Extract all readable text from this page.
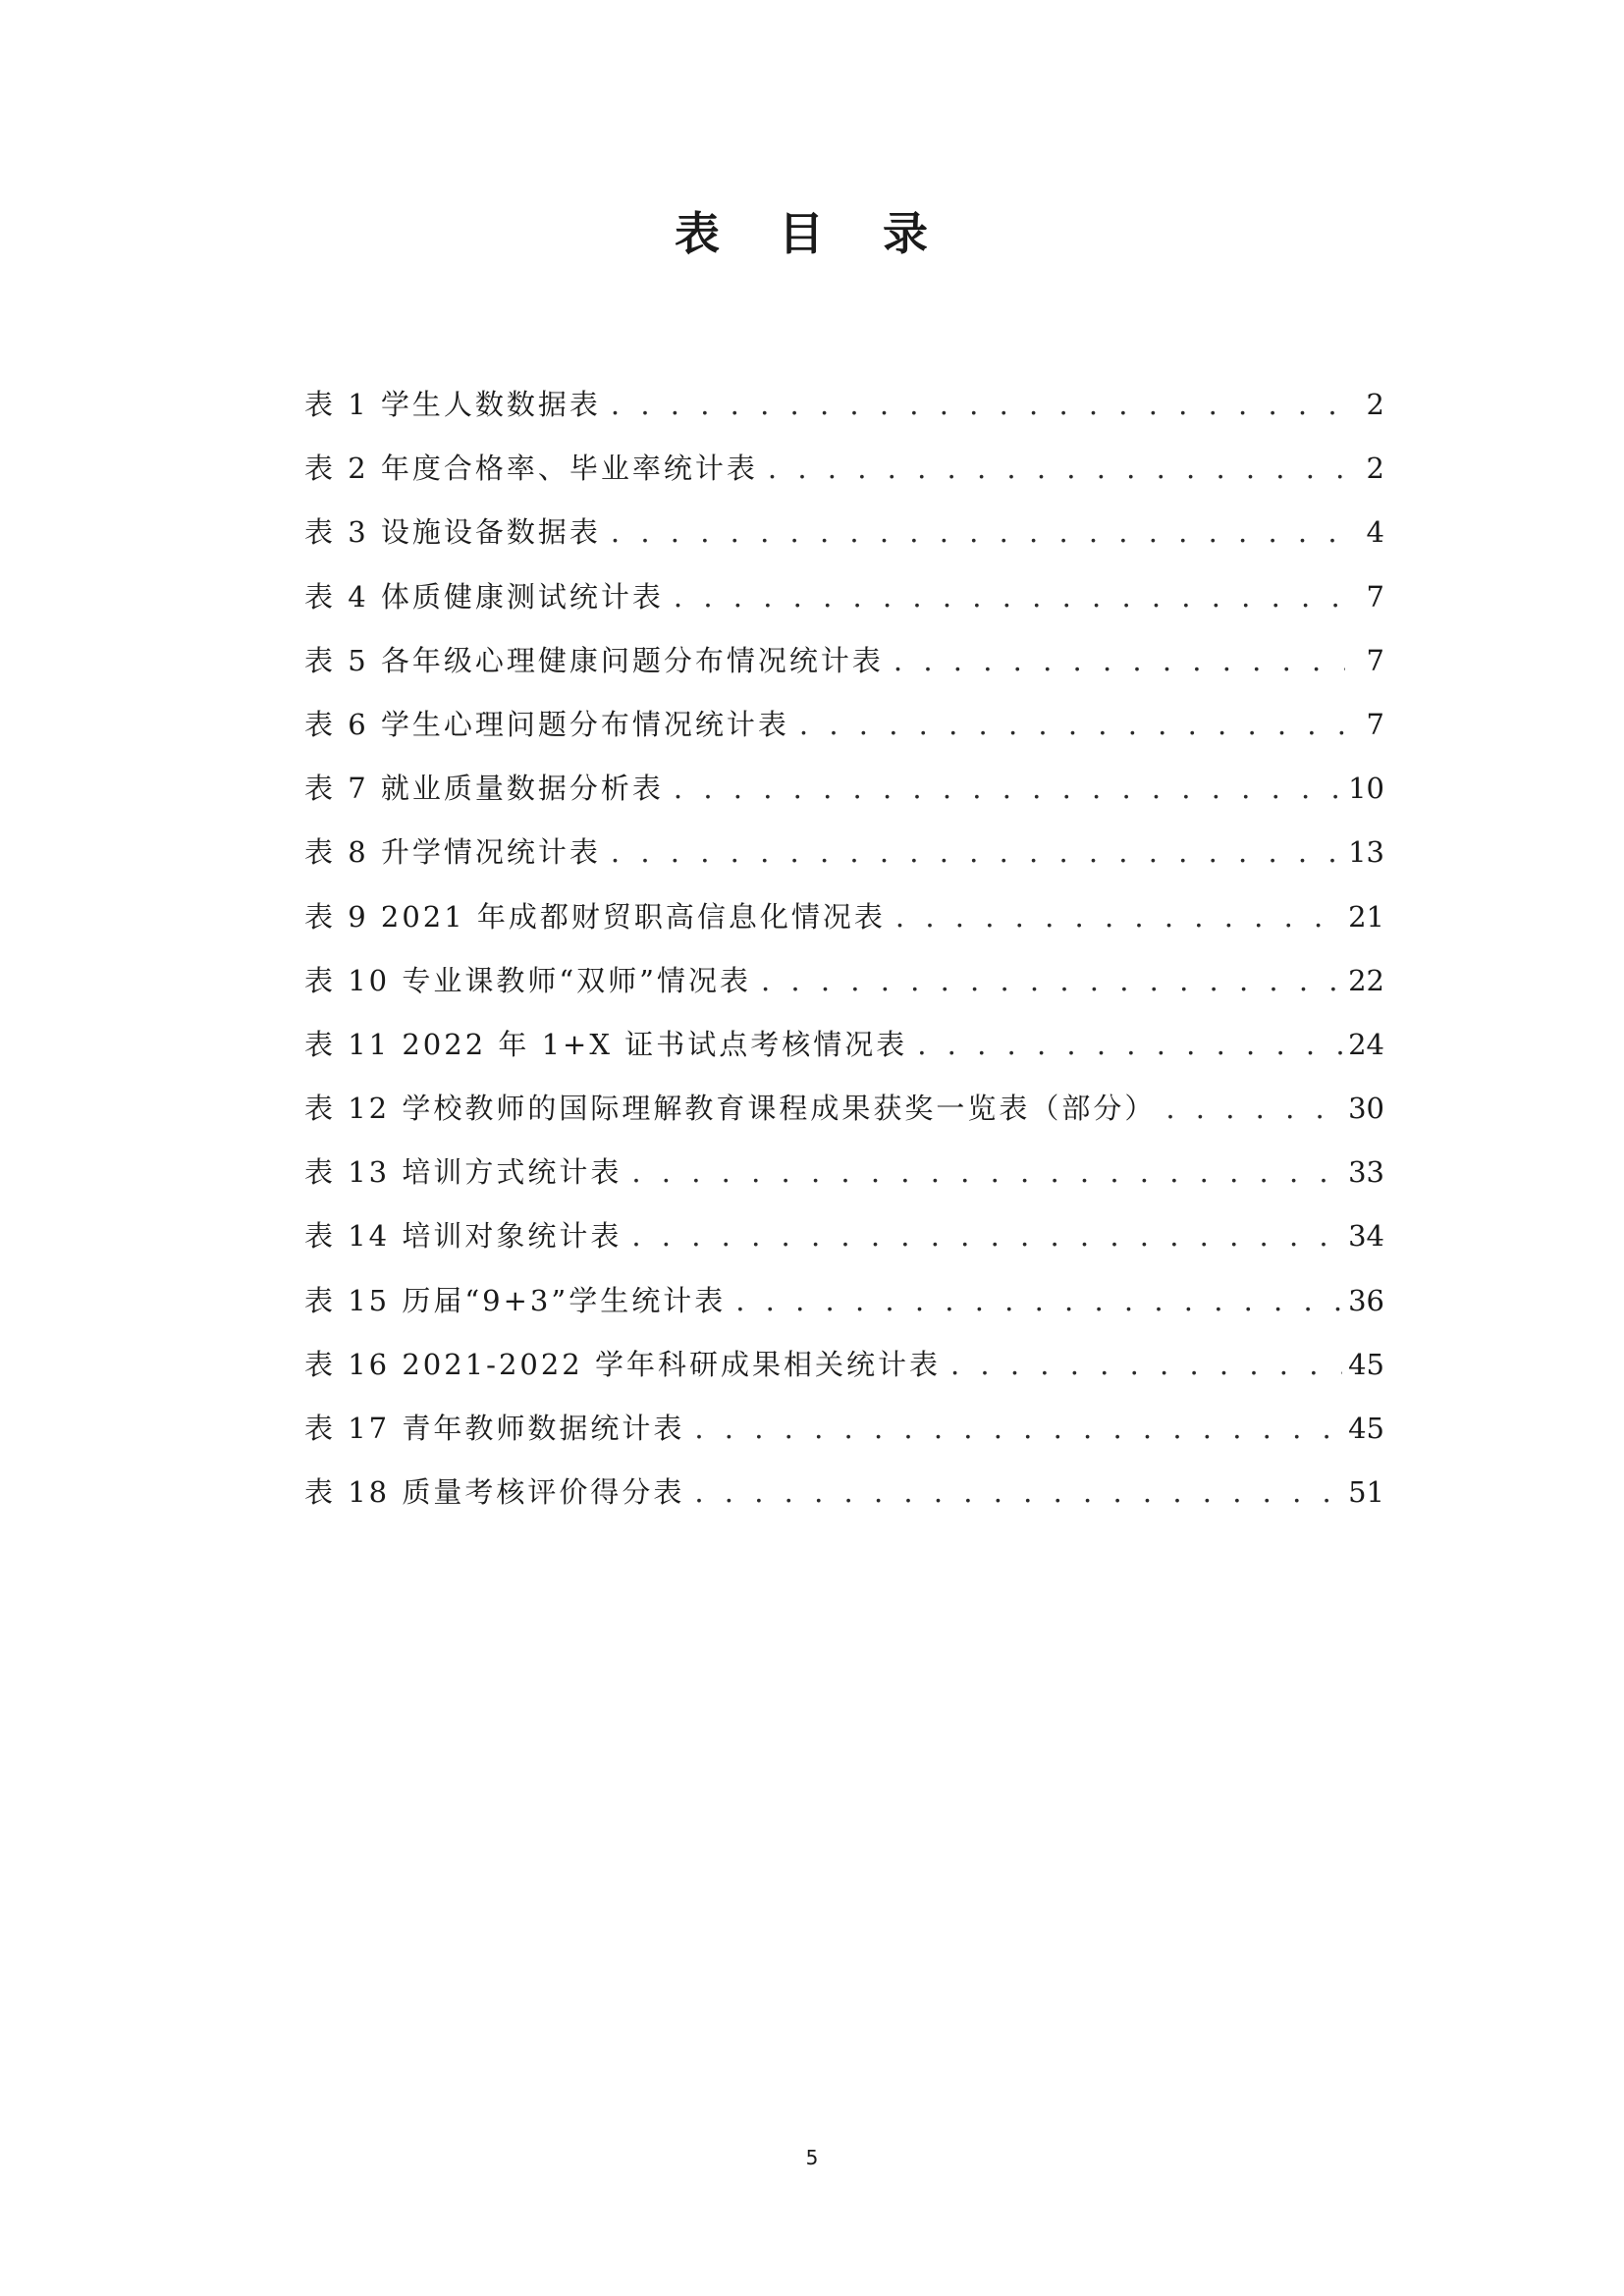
表 目 录
表 1 学生人数数据表 . . .	2
表 2 年度合格率、毕业率统计表 . . .	2
表 3 设施设备数据表 . . .	4
表 4 体质健康测试统计表 . . .	7
表 5 各年级心理健康问题分布情况统计表 . . .	7
表 6 学生心理问题分布情况统计表 . . .	7
表 7 就业质量数据分析表 . . .	10
表 8 升学情况统计表 . . .	13
表 9 2021 年成都财贸职高信息化情况表 . . .	21
表 10 专业课教师“双师”情况表 . . .	22
表 11 2022 年 1+X 证书试点考核情况表 . . .	24
表 12 学校教师的国际理解教育课程成果获奖一览表（部分） . . .	30
表 13 培训方式统计表 . . .	33
表 14 培训对象统计表 . . .	34
表 15 历届“9+3”学生统计表 . . .	36
表 16 2021-2022 学年科研成果相关统计表 . . .	45
表 17 青年教师数据统计表 . . .	45
表 18 质量考核评价得分表 . . .	51
5
